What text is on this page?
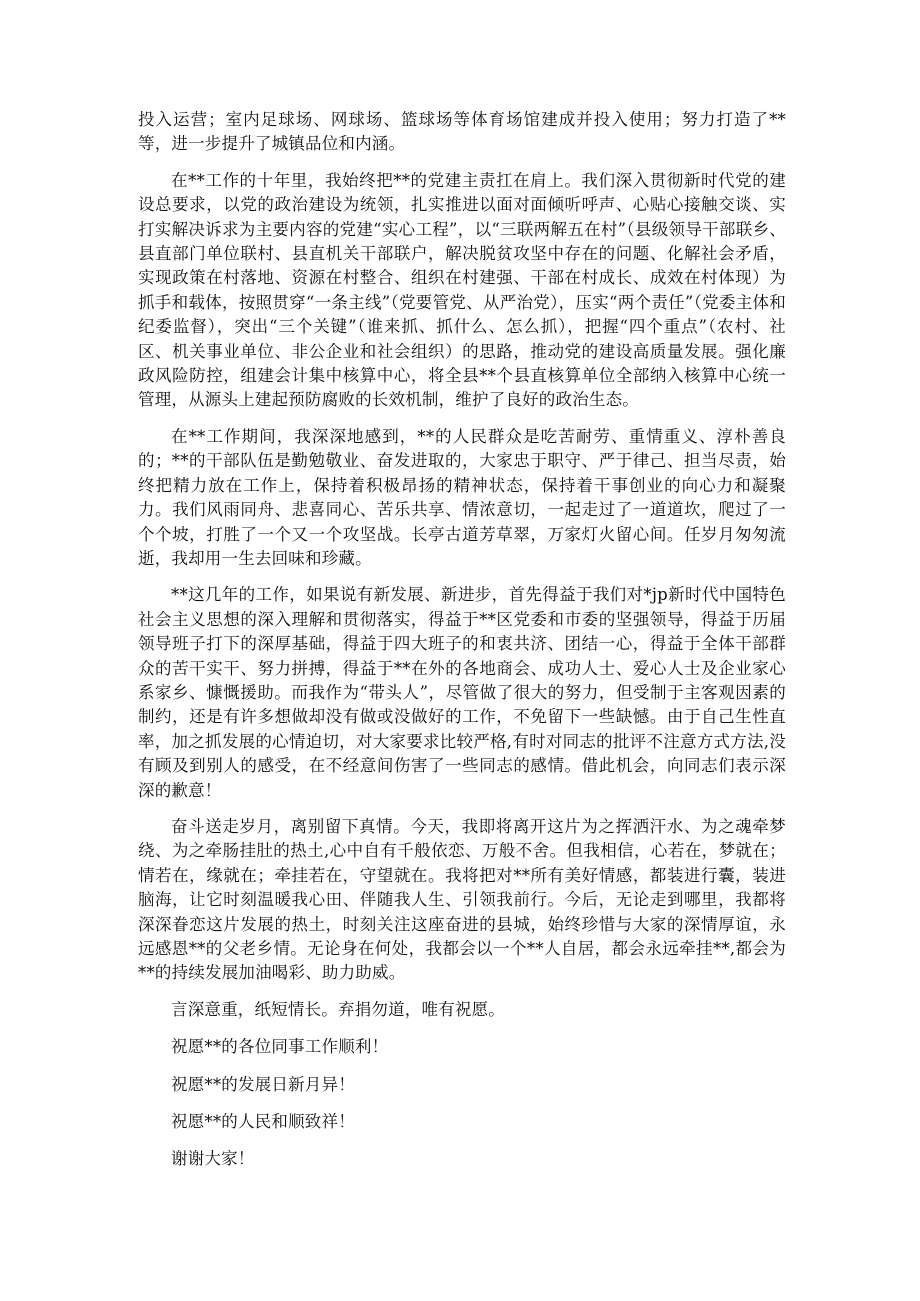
投入运营；室内足球场、网球场、篮球场等体育场馆建成并投入使用；努力打造了**等，进一步提升了城镇品位和内涵。

在**工作的十年里，我始终把**的党建主责扛在肩上。我们深入贯彻新时代党的建设总要求，以党的政治建设为统领，扎实推进以面对面倾听呼声、心贴心接触交谈、实打实解决诉求为主要内容的党建“实心工程”，以“三联两解五在村”（县级领导干部联乡、县直部门单位联村、县直机关干部联户，解决脱贫攻坚中存在的问题、化解社会矛盾，实现政策在村落地、资源在村整合、组织在村建强、干部在村成长、成效在村体现）为抓手和载体，按照贯穿“一条主线”（党要管党、从严治党），压实“两个责任”（党委主体和纪委监督），突出“三个关键”（谁来抓、抓什么、怎么抓），把握“四个重点”（农村、社区、机关事业单位、非公企业和社会组织）的思路，推动党的建设高质量发展。强化廉政风险防控，组建会计集中核算中心，将全县**个县直核算单位全部纳入核算中心统一管理，从源头上建起预防腐败的长效机制，维护了良好的政治生态。

在**工作期间，我深深地感到，**的人民群众是吃苦耐劳、重情重义、淳朴善良的；**的干部队伍是勤勉敬业、奋发进取的，大家忠于职守、严于律己、担当尽责，始终把精力放在工作上，保持着积极昂扬的精神状态，保持着干事创业的向心力和凝聚力。我们风雨同舟、悲喜同心、苦乐共享、情浓意切，一起走过了一道道坎，爬过了一个个坡，打胜了一个又一个攻坚战。长亭古道芳草翠，万家灯火留心间。任岁月匆匆流逝，我却用一生去回味和珍藏。

**这几年的工作，如果说有新发展、新进步，首先得益于我们对*jp新时代中国特色社会主义思想的深入理解和贯彻落实，得益于**区党委和市委的坚强领导，得益于历届领导班子打下的深厚基础，得益于四大班子的和衷共济、团结一心，得益于全体干部群众的苦干实干、努力拼搏，得益于**在外的各地商会、成功人士、爱心人士及企业家心系家乡、慷慨援助。而我作为“带头人”，尽管做了很大的努力，但受制于主客观因素的制约，还是有许多想做却没有做或没做好的工作，不免留下一些缺憾。由于自己生性直率，加之抓发展的心情迫切，对大家要求比较严格,有时对同志的批评不注意方式方法,没有顾及到别人的感受，在不经意间伤害了一些同志的感情。借此机会，向同志们表示深深的歉意！

奋斗送走岁月，离别留下真情。今天，我即将离开这片为之挥洒汗水、为之魂牵梦绕、为之牵肠挂肚的热土,心中自有千般依恋、万般不舍。但我相信，心若在，梦就在；情若在，缘就在；牵挂若在，守望就在。我将把对**所有美好情感，都装进行囊，装进脑海，让它时刻温暖我心田、伴随我人生、引领我前行。今后，无论走到哪里，我都将深深眷恋这片发展的热土，时刻关注这座奋进的县城，始终珍惜与大家的深情厚谊，永远感恩**的父老乡情。无论身在何处，我都会以一个**人自居，都会永远牵挂**,都会为**的持续发展加油喝彩、助力助威。

言深意重，纸短情长。弃捐勿道，唯有祝愿。

祝愿**的各位同事工作顺利！

祝愿**的发展日新月异！

祝愿**的人民和顺致祥！

谢谢大家！
